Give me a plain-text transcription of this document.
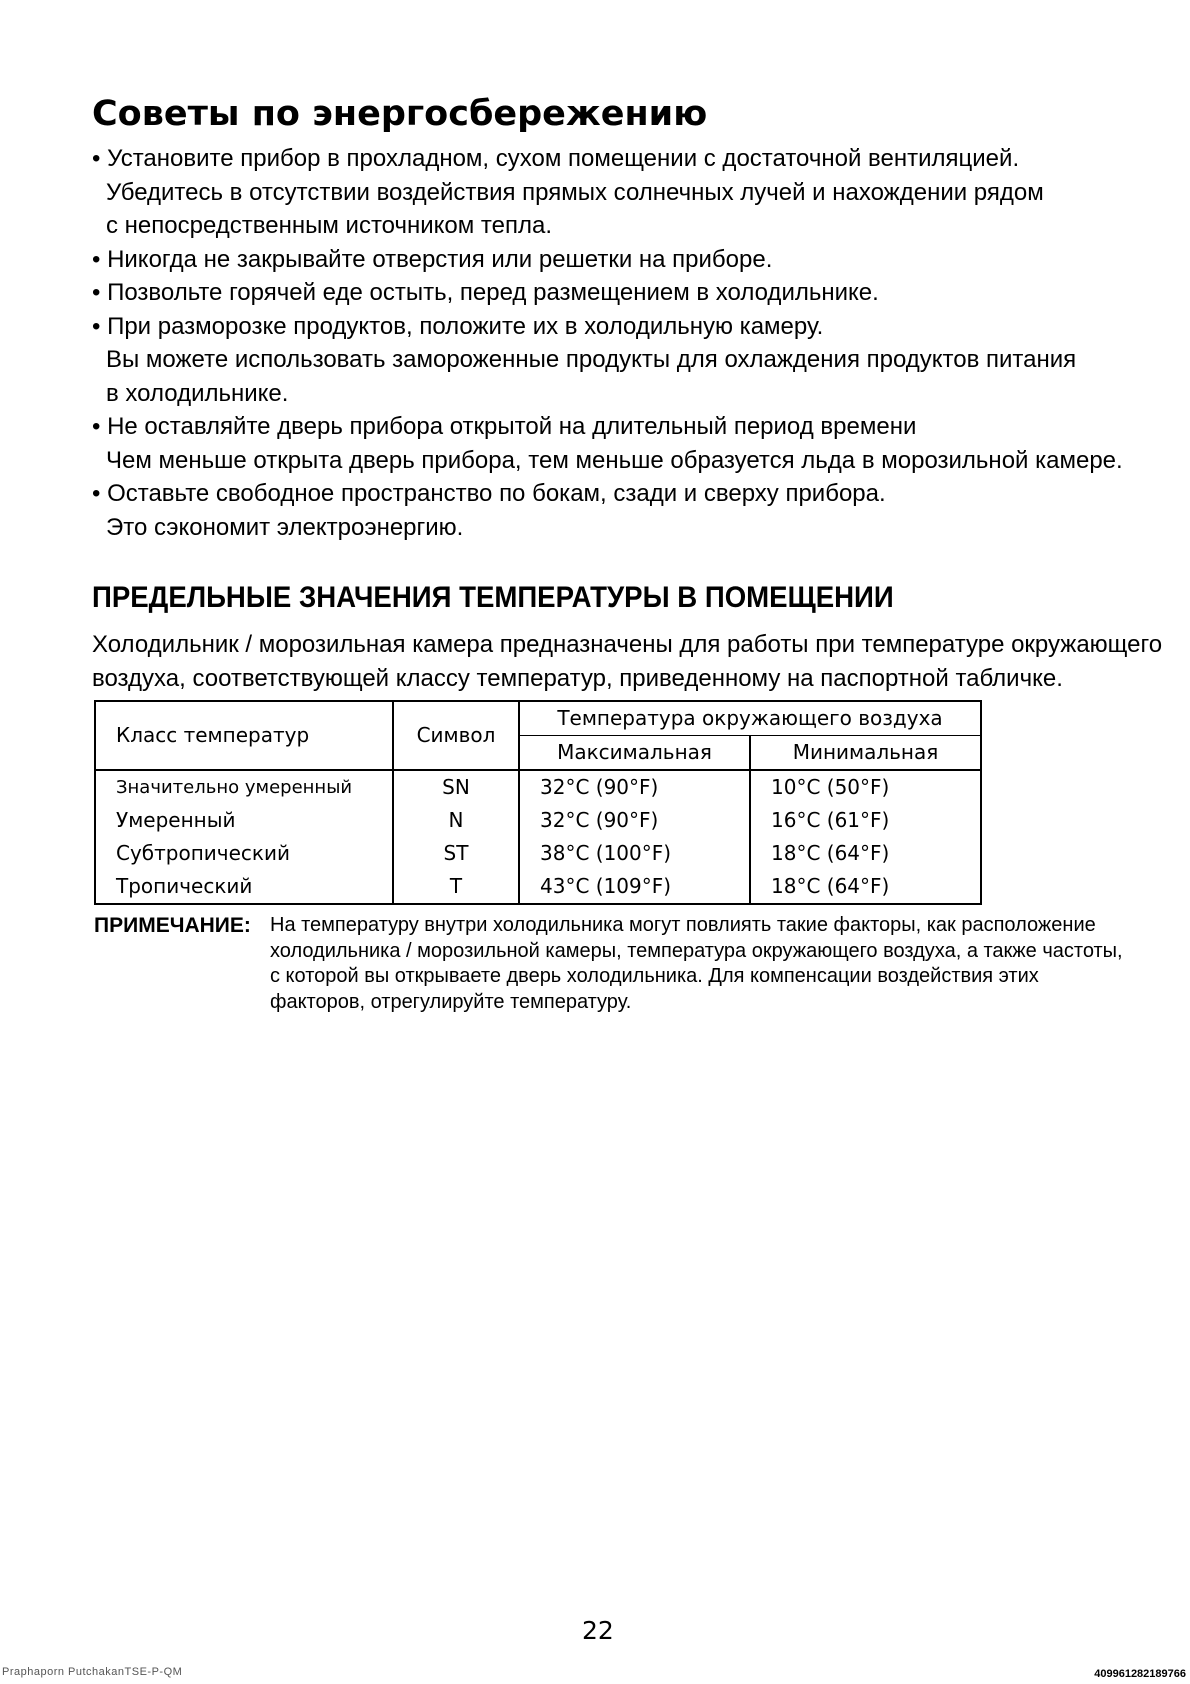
Советы по энергосбережению
• Установите прибор в прохладном, сухом помещении с достаточной вентиляцией.
Убедитесь в отсутствии воздействия прямых солнечных лучей и нахождении рядом
с непосредственным источником тепла.
• Никогда не закрывайте отверстия или решетки на приборе.
• Позвольте горячей еде остыть, перед размещением в холодильнике.
• При разморозке продуктов, положите их в холодильную камеру.
Вы можете использовать замороженные продукты для охлаждения продуктов питания
в холодильнике.
• Не оставляйте дверь прибора открытой на длительный период времени
Чем меньше открыта дверь прибора, тем меньше образуется льда в морозильной камере.
• Оставьте свободное пространство по бокам, сзади и сверху прибора.
Это сэкономит электроэнергию.
ПРЕДЕЛЬНЫЕ ЗНАЧЕНИЯ ТЕМПЕРАТУРЫ В ПОМЕЩЕНИИ
Холодильник / морозильная камера предназначены для работы при температуре окружающего
воздуха, соответствующей классу температур, приведенному на паспортной табличке.
Класс температур	Символ	Температура окружающего воздуха	
		Максимальная	Минимальная
Значительно умеренный	SN	32°C (90°F)	10°C (50°F)
Умеренный	N	32°C (90°F)	16°C (61°F)
Субтропический	ST	38°C (100°F)	18°C (64°F)
Тропический	T	43°C (109°F)	18°C (64°F)
ПРИМЕЧАНИЕ: На температуру внутри холодильника могут повлиять такие факторы, как расположение холодильника / морозильной камеры, температура окружающего воздуха, а также частоты, с которой вы открываете дверь холодильника. Для компенсации воздействия этих факторов, отрегулируйте температуру.
22
Praphaporn PutchakanTSE-P-QM	409961282189766
